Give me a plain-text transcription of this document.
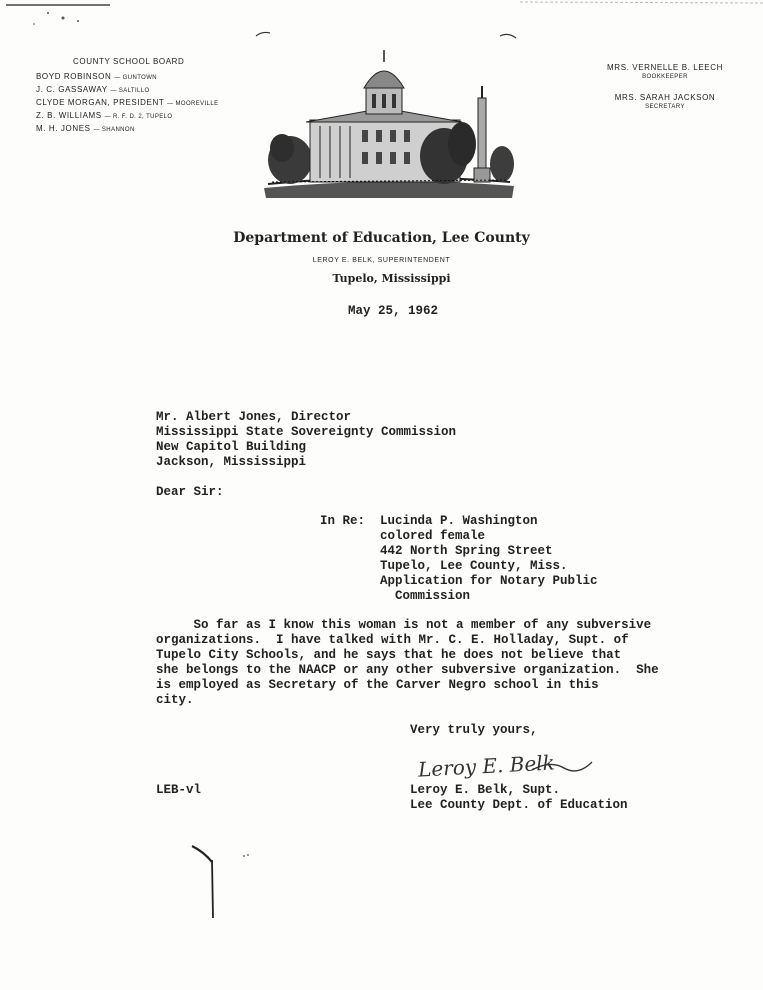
COUNTY SCHOOL BOARD
BOYD ROBINSON — GUNTOWN
J. C. GASSAWAY — SALTILLO
CLYDE MORGAN, PRESIDENT — MOOREVILLE
Z. B. WILLIAMS — R. F. D. 2, TUPELO
M. H. JONES — SHANNON
MRS. VERNELLE B. LEECH
BOOKKEEPER
MRS. SARAH JACKSON
SECRETARY
Department of Education, Lee County
LEROY E. BELK, SUPERINTENDENT
Tupelo, Mississippi
May 25, 1962
Mr. Albert Jones, Director
Mississippi State Sovereignty Commission
New Capitol Building
Jackson, Mississippi
Dear Sir:
In Re: Lucinda P. Washington
colored female
442 North Spring Street
Tupelo, Lee County, Miss.
Application for Notary Public
Commission
So far as I know this woman is not a member of any subversive
organizations.  I have talked with Mr. C. E. Holladay, Supt. of
Tupelo City Schools, and he says that he does not believe that
she belongs to the NAACP or any other subversive organization.  She
is employed as Secretary of the Carver Negro school in this
city.
Very truly yours,
Leroy E. Belk
Leroy E. Belk, Supt.
Lee County Dept. of Education
LEB-vl
